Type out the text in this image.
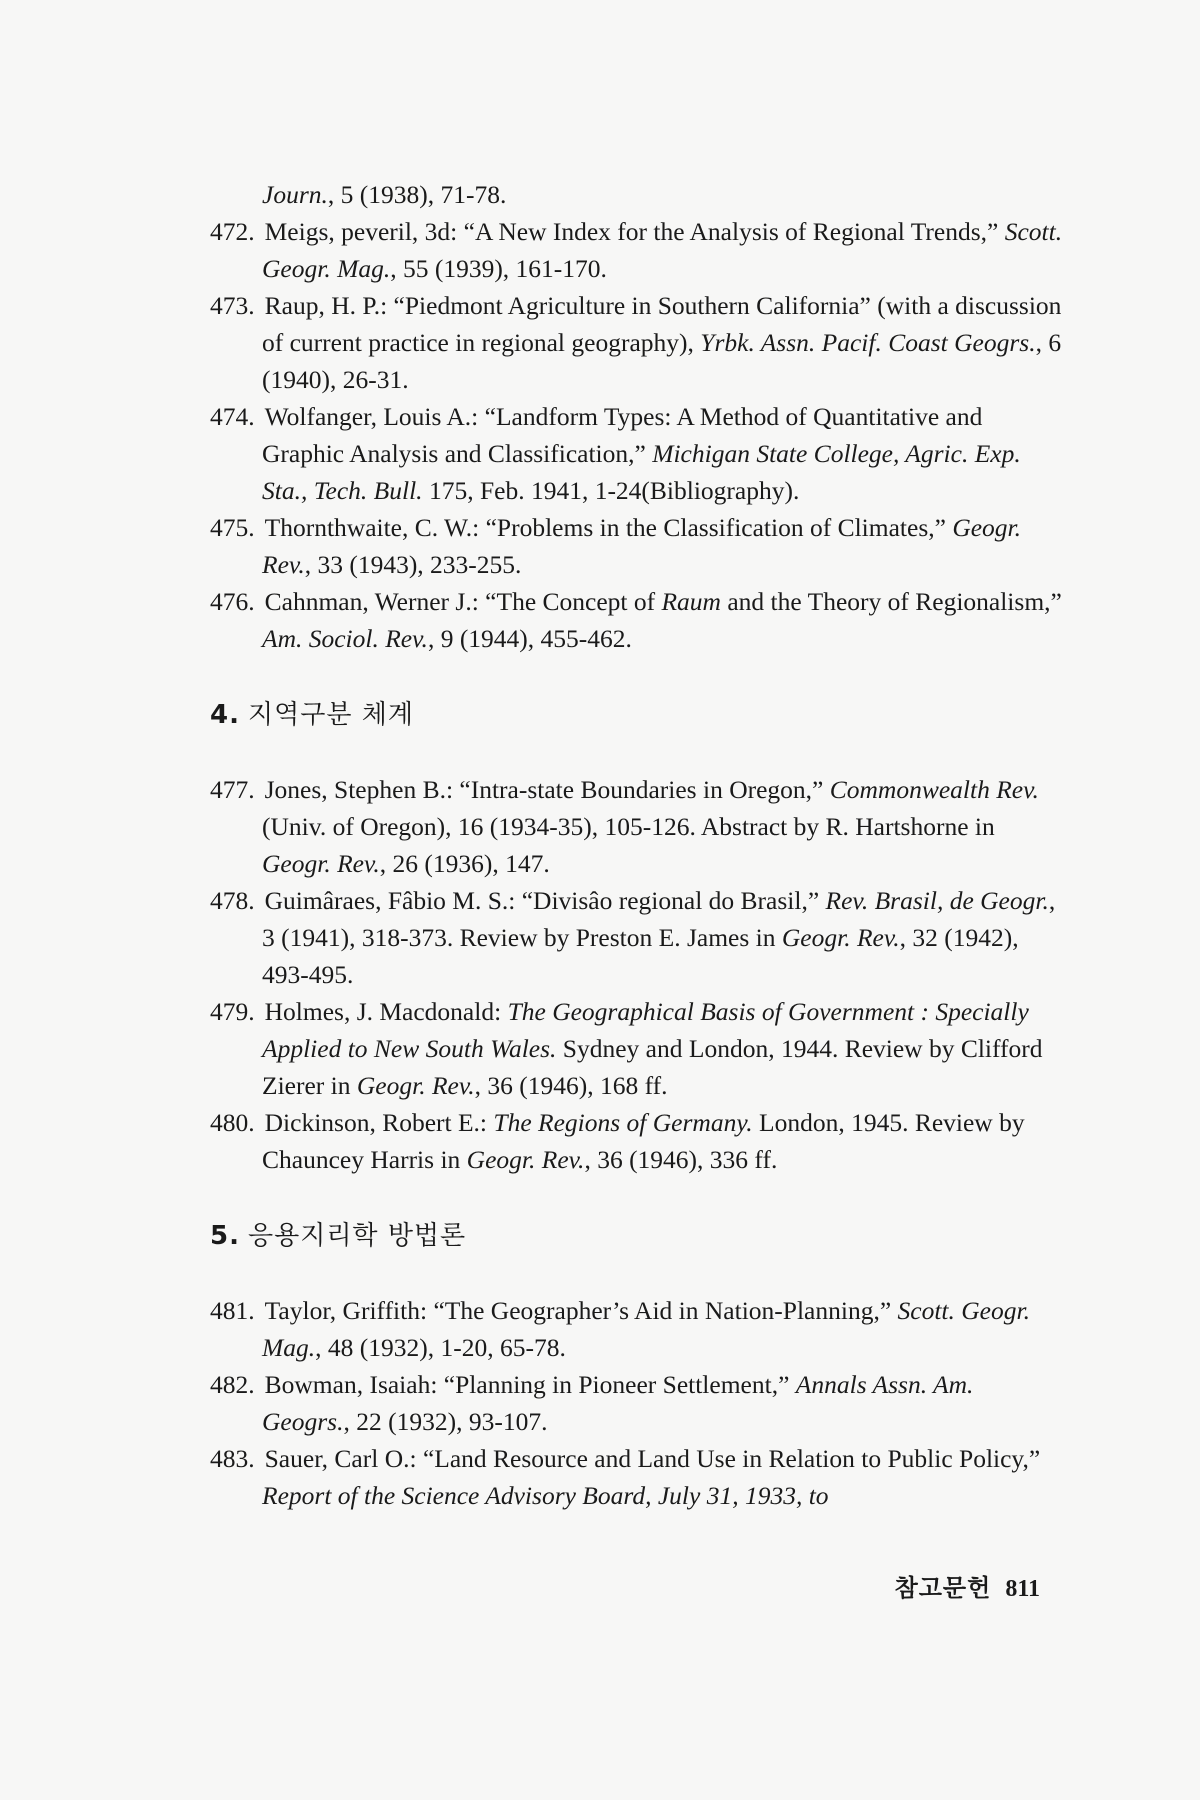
Journ., 5 (1938), 71-78.

472. Meigs, peveril, 3d: “A New Index for the Analysis of Regional Trends,” Scott. Geogr. Mag., 55 (1939), 161-170.

473. Raup, H. P.: “Piedmont Agriculture in Southern California” (with a discussion of current practice in regional geography), Yrbk. Assn. Pacif. Coast Geogrs., 6 (1940), 26-31.

474. Wolfanger, Louis A.: “Landform Types: A Method of Quantitative and Graphic Analysis and Classification,” Michigan State College, Agric. Exp. Sta., Tech. Bull. 175, Feb. 1941, 1-24(Bibliography).

475. Thornthwaite, C. W.: “Problems in the Classification of Climates,” Geogr. Rev., 33 (1943), 233-255.

476. Cahnman, Werner J.: “The Concept of Raum and the Theory of Regionalism,” Am. Sociol. Rev., 9 (1944), 455-462.

4. 지역구분 체계

477. Jones, Stephen B.: “Intra-state Boundaries in Oregon,” Commonwealth Rev. (Univ. of Oregon), 16 (1934-35), 105-126. Abstract by R. Hartshorne in Geogr. Rev., 26 (1936), 147.

478. Guimâraes, Fâbio M. S.: “Divisâo regional do Brasil,” Rev. Brasil, de Geogr., 3 (1941), 318-373. Review by Preston E. James in Geogr. Rev., 32 (1942), 493-495.

479. Holmes, J. Macdonald: The Geographical Basis of Government : Specially Applied to New South Wales. Sydney and London, 1944. Review by Clifford Zierer in Geogr. Rev., 36 (1946), 168 ff.

480. Dickinson, Robert E.: The Regions of Germany. London, 1945. Review by Chauncey Harris in Geogr. Rev., 36 (1946), 336 ff.

5. 응용지리학 방법론

481. Taylor, Griffith: “The Geographer’s Aid in Nation-Planning,” Scott. Geogr. Mag., 48 (1932), 1-20, 65-78.

482. Bowman, Isaiah: “Planning in Pioneer Settlement,” Annals Assn. Am. Geogrs., 22 (1932), 93-107.

483. Sauer, Carl O.: “Land Resource and Land Use in Relation to Public Policy,” Report of the Science Advisory Board, July 31, 1933, to

참고문헌 811
